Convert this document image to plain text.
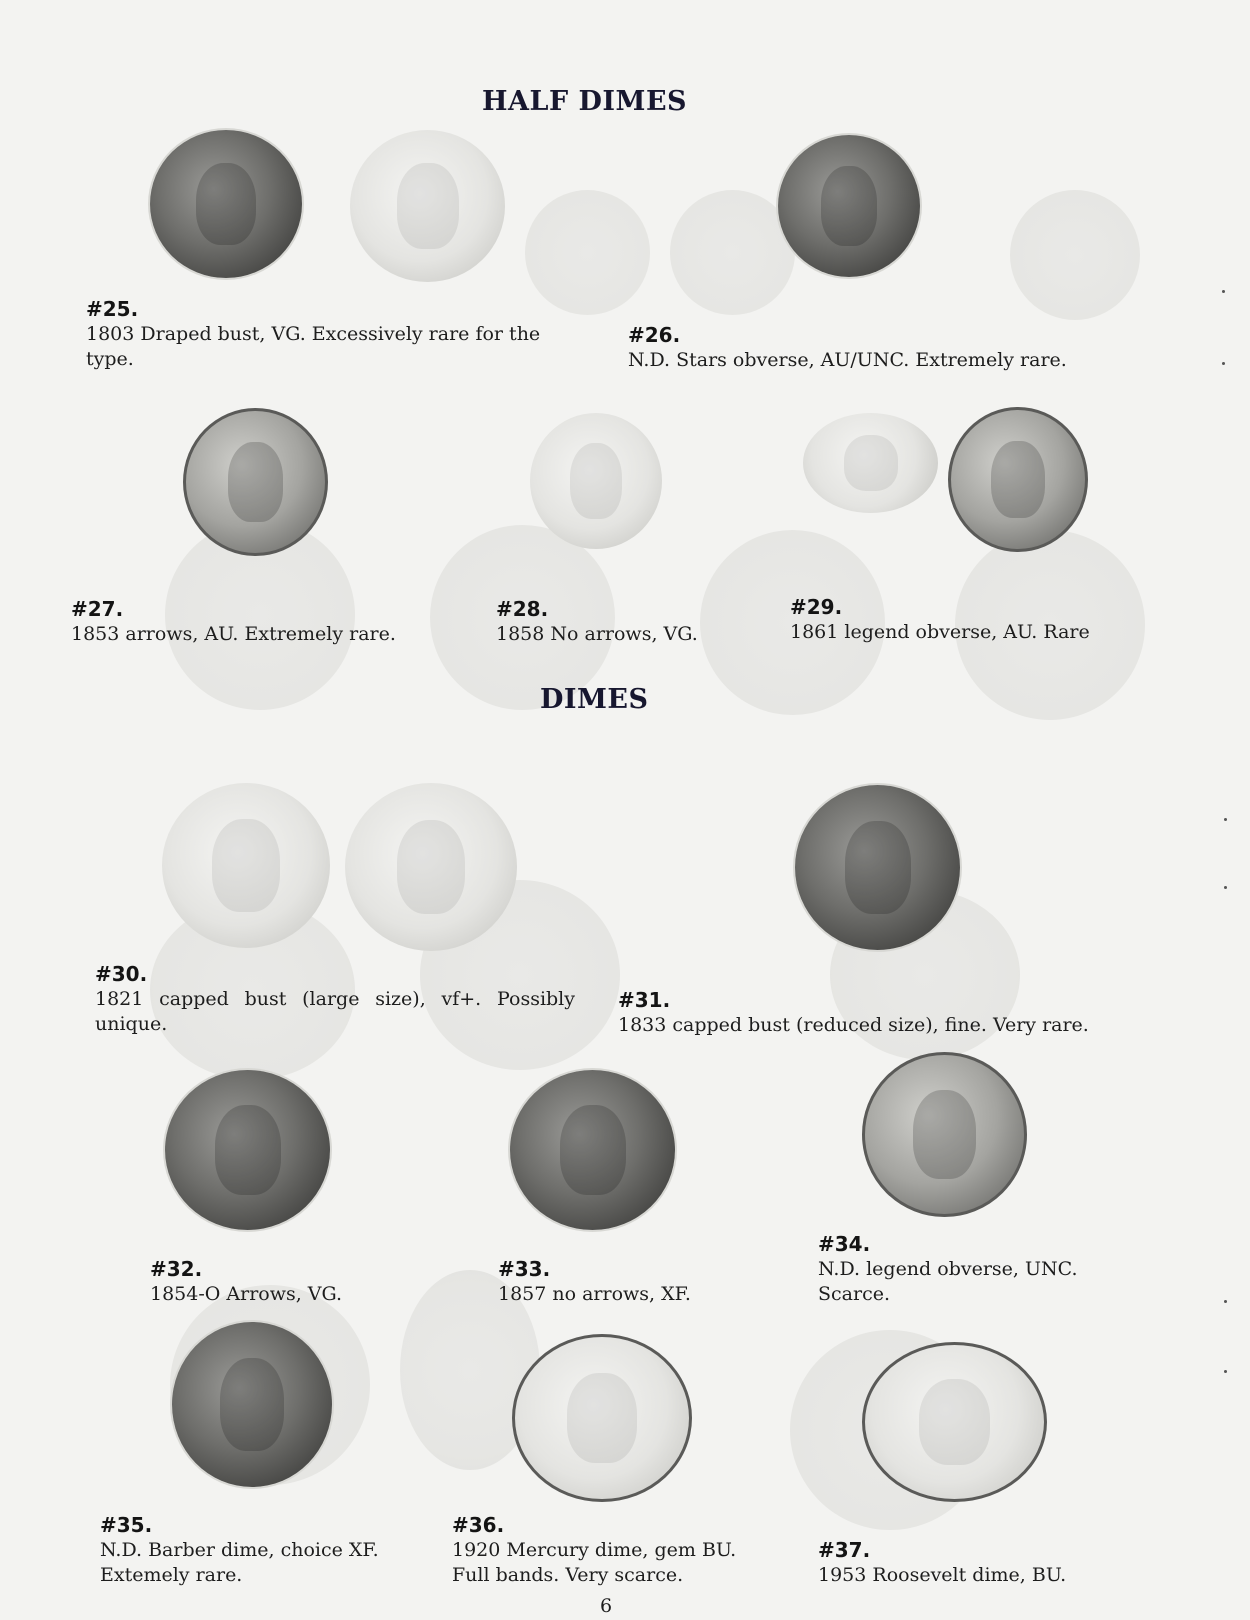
HALF DIMES
DIMES
#25.
1803 Draped bust, VG. Excessively rare for the type.
#26.
N.D. Stars obverse, AU/UNC. Extremely rare.
#27.
1853 arrows, AU. Extremely rare.
#28.
1858 No arrows, VG.
#29.
1861 legend obverse, AU. Rare
#30.
1821 capped bust (large size), vf+. Possibly unique.
#31.
1833 capped bust (reduced size), fine. Very rare.
#32.
1854-O Arrows, VG.
#33.
1857 no arrows, XF.
#34.
N.D. legend obverse, UNC. Scarce.
#35.
N.D. Barber dime, choice XF. Extemely rare.
#36.
1920 Mercury dime, gem BU. Full bands. Very scarce.
#37.
1953 Roosevelt dime, BU.
6
